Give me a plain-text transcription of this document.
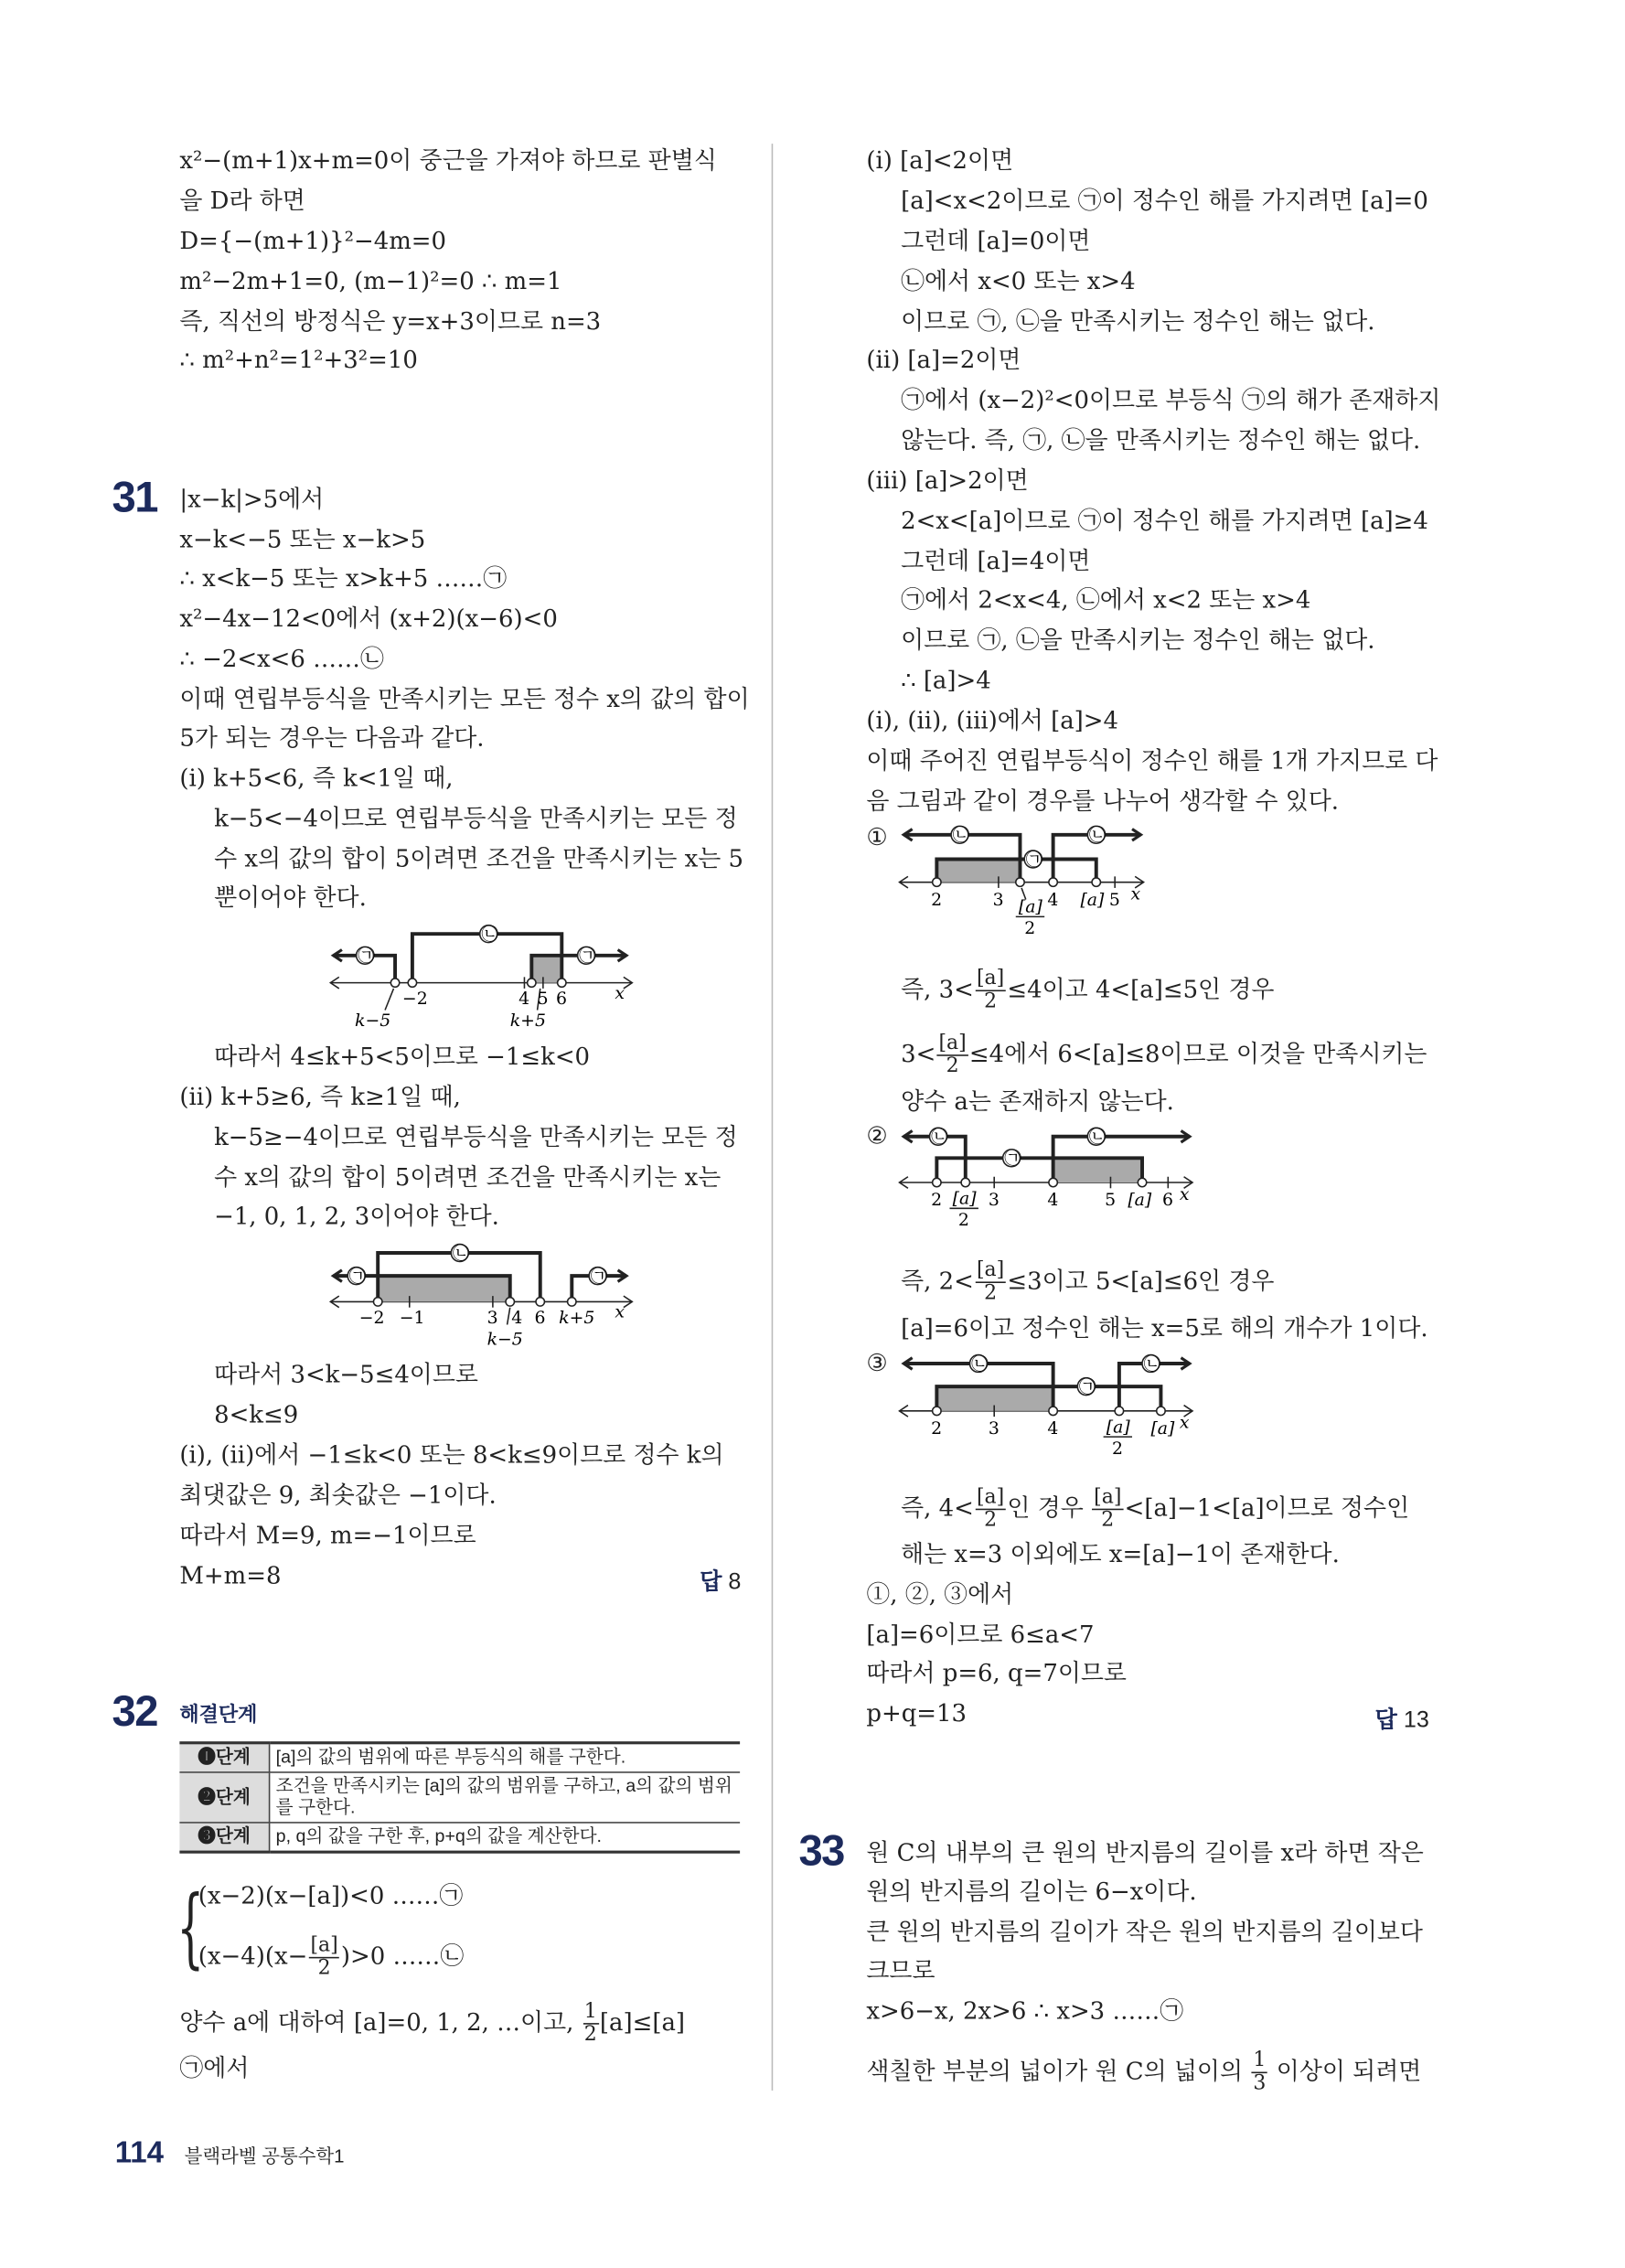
x²−(m+1)x+m=0이 중근을 가져야 하므로 판별식
을 D라 하면
D={−(m+1)}²−4m=0
m²−2m+1=0, (m−1)²=0 ∴ m=1
즉, 직선의 방정식은 y=x+3이므로 n=3
∴ m²+n²=1²+3²=10
31 |x−k|>5에서
x−k<−5 또는 x−k>5
∴ x<k−5 또는 x>k+5 ……㉠
x²−4x−12<0에서 (x+2)(x−6)<0
∴ −2<x<6 ……㉡
이때 연립부등식을 만족시키는 모든 정수 x의 값의 합이
5가 되는 경우는 다음과 같다.
(i) k+5<6, 즉 k<1일 때,
k−5<−4이므로 연립부등식을 만족시키는 모든 정
수 x의 값의 합이 5이려면 조건을 만족시키는 x는 5
뿐이어야 한다.
㉠
㉡
㉠
−2	4 5 6	x
k−5	k+5
따라서 4≤k+5<5이므로 −1≤k<0
(ii) k+5≥6, 즉 k≥1일 때,
k−5≥−4이므로 연립부등식을 만족시키는 모든 정
수 x의 값의 합이 5이려면 조건을 만족시키는 x는
−1, 0, 1, 2, 3이어야 한다.
㉠
㉡
㉠
−2 −1	3 4 6 k+5 x
k−5
따라서 3<k−5≤4이므로
8<k≤9
(i), (ii)에서 −1≤k<0 또는 8<k≤9이므로 정수 k의
최댓값은 9, 최솟값은 −1이다.
따라서 M=9, m=−1이므로
M+m=8	답 8
32 해결단계
❶단계	[a]의 값의 범위에 따른 부등식의 해를 구한다.
❷단계	조건을 만족시키는 [a]의 값의 범위를 구하고, a의 값의 범위를 구한다.
❸단계	p, q의 값을 구한 후, p+q의 값을 계산한다.
{
(x−2)(x−[a])<0 ……㉠
$(x-4)(x- \frac{[a]}{2} )>0$ ……㉡
양수 a에 대하여 [a]=0, 1, 2, …이고, $\frac{1}{2} [a]\le[a]$
㉠에서
(i) [a]<2이면
[a]<x<2이므로 ㉠이 정수인 해를 가지려면 [a]=0
그런데 [a]=0이면
㉡에서 x<0 또는 x>4
이므로 ㉠, ㉡을 만족시키는 정수인 해는 없다.
(ii) [a]=2이면
㉠에서 (x−2)²<0이므로 부등식 ㉠의 해가 존재하지
않는다. 즉, ㉠, ㉡을 만족시키는 정수인 해는 없다.
(iii) [a]>2이면
2<x<[a]이므로 ㉠이 정수인 해를 가지려면 [a]≥4
그런데 [a]=4이면
㉠에서 2<x<4, ㉡에서 x<2 또는 x>4
이므로 ㉠, ㉡을 만족시키는 정수인 해는 없다.
∴ [a]>4
(i), (ii), (iii)에서 [a]>4
이때 주어진 연립부등식이 정수인 해를 1개 가지므로 다
음 그림과 같이 경우를 나누어 생각할 수 있다.
①	㉡
㉠
㉡
2	3	4 [a] 5 x
[a]
2
㉡
㉠
㉡
2 [a]
2
3	4	5 [a] 6 x
㉡
㉠
㉡
2	3	4	[a]
2
[a] x
즉, $3< \frac{[a]}{2} \le 4$이고 4<[a]≤5인 경우
$3< \frac{[a]}{2} \le 4$에서 6<[a]≤8이므로 이것을 만족시키는
양수 a는 존재하지 않는다.
②
즉, $2< \frac{[a]}{2} \le 3$이고 5<[a]≤6인 경우
[a]=6이고 정수인 해는 x=5로 해의 개수가 1이다.
③
즉, $4< \frac{[a]}{2}$ 인 경우 $\frac{[a]}{2} <[a]-1<[a]$이므로 정수인
해는 x=3 이외에도 x=[a]−1이 존재한다.
①, ②, ③에서
[a]=6이므로 6≤a<7
따라서 p=6, q=7이므로
p+q=13	답 13
33 원 C의 내부의 큰 원의 반지름의 길이를 x라 하면 작은
원의 반지름의 길이는 6−x이다.
큰 원의 반지름의 길이가 작은 원의 반지름의 길이보다
크므로
x>6−x, 2x>6 ∴ x>3 ……㉠
색칠한 부분의 넓이가 원 C의 넓이의 $\frac{1}{3}$ 이상이 되려면
114 블랙라벨 공통수학1
